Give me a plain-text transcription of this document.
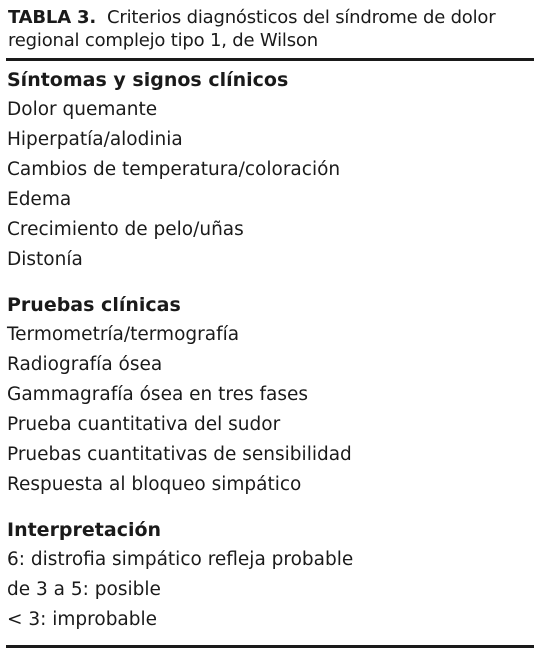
TABLA 3. Criterios diagnósticos del síndrome de dolor regional complejo tipo 1, de Wilson
Síntomas y signos clínicos
Dolor quemante
Hiperpatía/alodinia
Cambios de temperatura/coloración
Edema
Crecimiento de pelo/uñas
Distonía
Pruebas clínicas
Termometría/termografía
Radiografía ósea
Gammagrafía ósea en tres fases
Prueba cuantitativa del sudor
Pruebas cuantitativas de sensibilidad
Respuesta al bloqueo simpático
Interpretación
6: distrofia simpático refleja probable
de 3 a 5: posible
< 3: improbable
